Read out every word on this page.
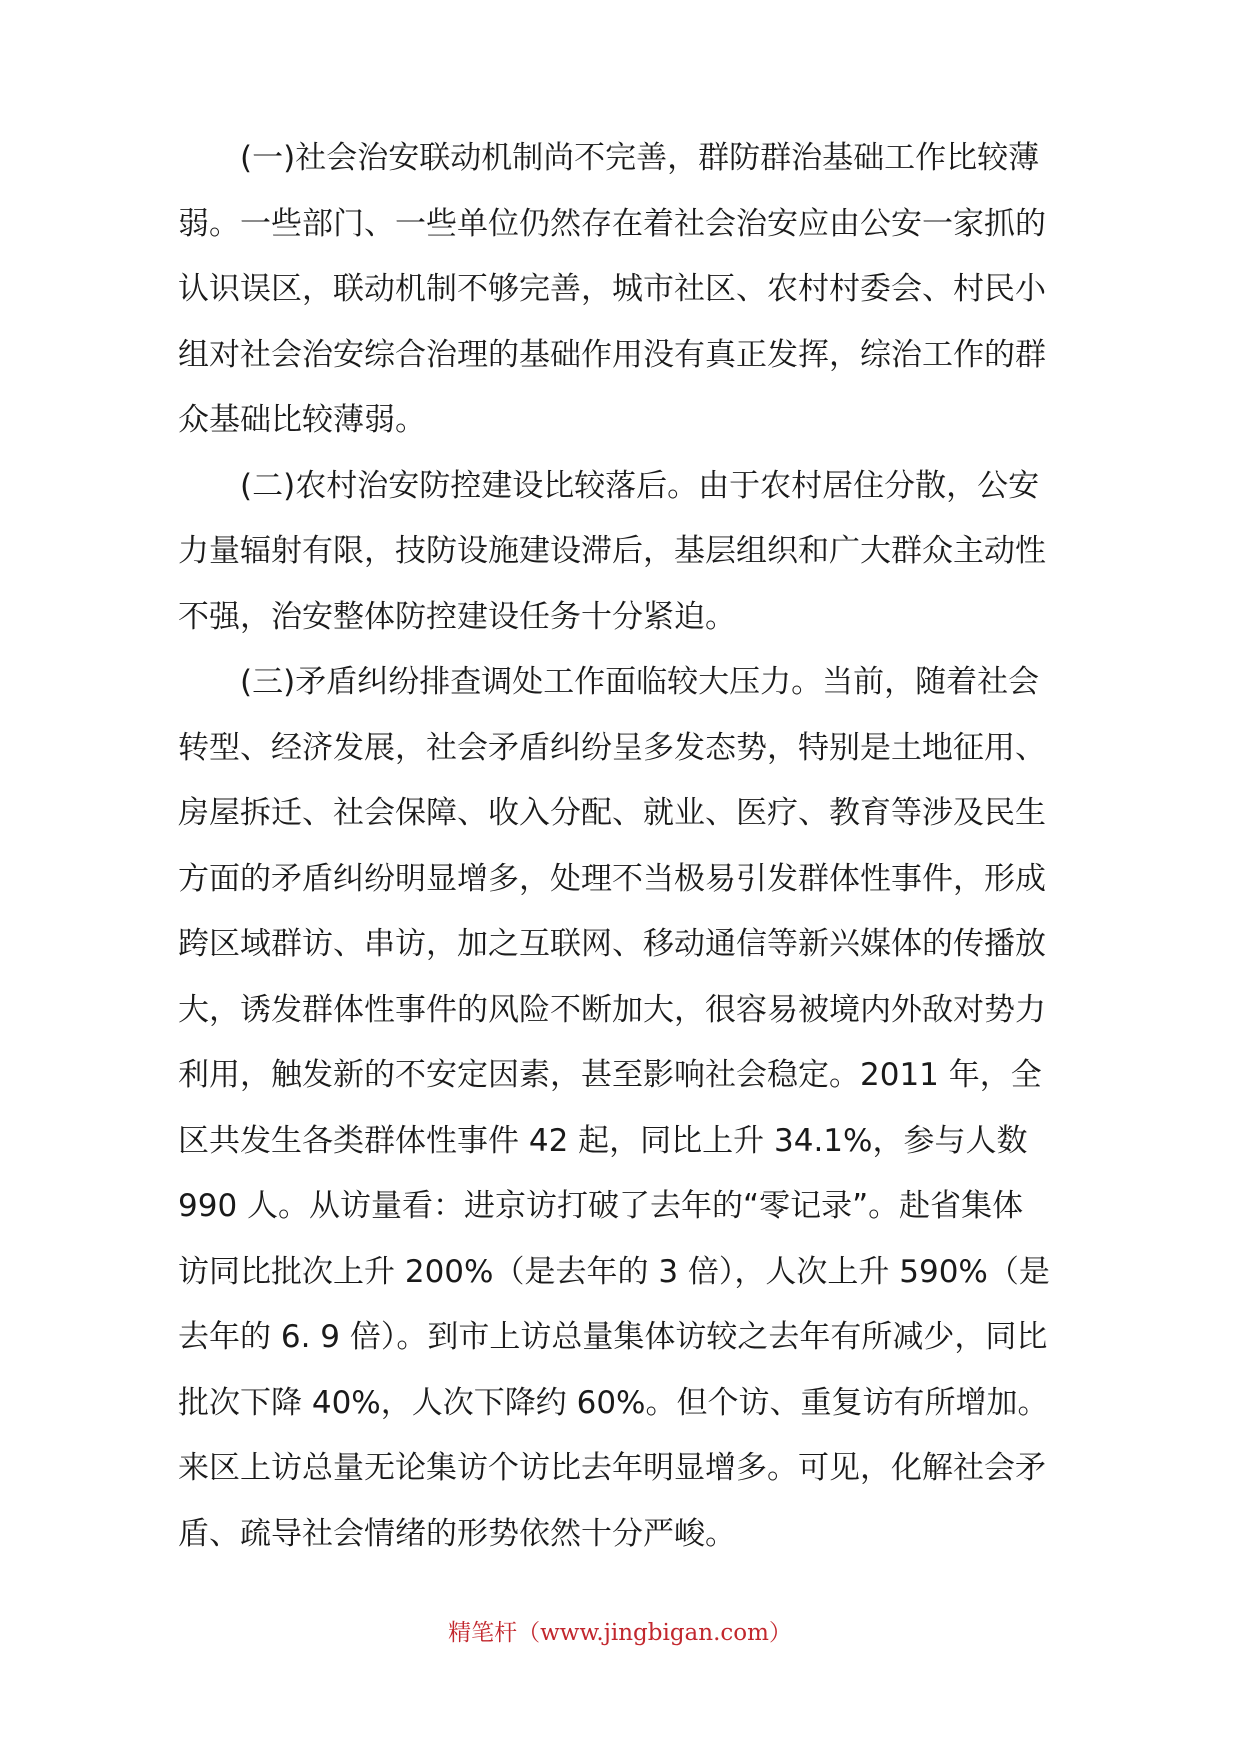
(一)社会治安联动机制尚不完善，群防群治基础工作比较薄
弱。一些部门、一些单位仍然存在着社会治安应由公安一家抓的
认识误区，联动机制不够完善，城市社区、农村村委会、村民小
组对社会治安综合治理的基础作用没有真正发挥，综治工作的群
众基础比较薄弱。
(二)农村治安防控建设比较落后。由于农村居住分散，公安
力量辐射有限，技防设施建设滞后，基层组织和广大群众主动性
不强，治安整体防控建设任务十分紧迫。
(三)矛盾纠纷排查调处工作面临较大压力。当前，随着社会
转型、经济发展，社会矛盾纠纷呈多发态势，特别是土地征用、
房屋拆迁、社会保障、收入分配、就业、医疗、教育等涉及民生
方面的矛盾纠纷明显增多，处理不当极易引发群体性事件，形成
跨区域群访、串访，加之互联网、移动通信等新兴媒体的传播放
大，诱发群体性事件的风险不断加大，很容易被境内外敌对势力
利用，触发新的不安定因素，甚至影响社会稳定。2011 年，全
区共发生各类群体性事件 42 起，同比上升 34.1%，参与人数
990 人。从访量看：进京访打破了去年的“零记录”。赴省集体
访同比批次上升 200%（是去年的 3 倍），人次上升 590%（是
去年的 6. 9 倍）。到市上访总量集体访较之去年有所减少，同比
批次下降 40%，人次下降约 60%。但个访、重复访有所增加。
来区上访总量无论集访个访比去年明显增多。可见，化解社会矛
盾、疏导社会情绪的形势依然十分严峻。
精笔杆（www.jingbigan.com）
